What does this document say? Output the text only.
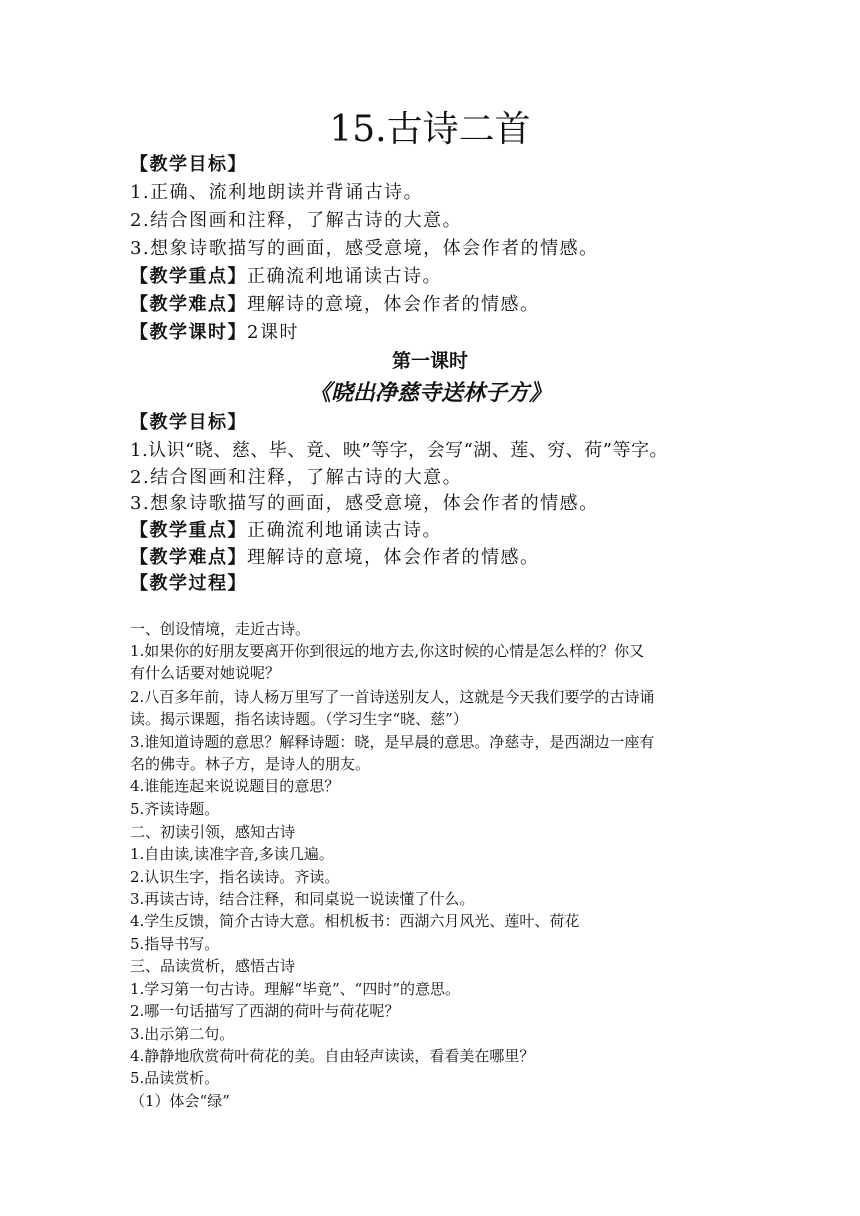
15.古诗二首
【教学目标】
1.正确、流利地朗读并背诵古诗。
2.结合图画和注释，了解古诗的大意。
3.想象诗歌描写的画面，感受意境，体会作者的情感。
【教学重点】正确流利地诵读古诗。
【教学难点】理解诗的意境，体会作者的情感。
【教学课时】2课时
第一课时
《晓出净慈寺送林子方》
【教学目标】
1.认识“晓、慈、毕、竟、映”等字，会写“湖、莲、穷、荷”等字。
2.结合图画和注释，了解古诗的大意。
3.想象诗歌描写的画面，感受意境，体会作者的情感。
【教学重点】正确流利地诵读古诗。
【教学难点】理解诗的意境，体会作者的情感。
【教学过程】
一、创设情境，走近古诗。
1.如果你的好朋友要离开你到很远的地方去,你这时候的心情是怎么样的？你又
有什么话要对她说呢？
2.八百多年前，诗人杨万里写了一首诗送别友人，这就是今天我们要学的古诗诵
读。揭示课题，指名读诗题。（学习生字“晓、慈”）
3.谁知道诗题的意思？解释诗题：晓，是早晨的意思。净慈寺，是西湖边一座有
名的佛寺。林子方，是诗人的朋友。
4.谁能连起来说说题目的意思？
5.齐读诗题。
二、初读引领，感知古诗
1.自由读,读准字音,多读几遍。
2.认识生字，指名读诗。齐读。
3.再读古诗，结合注释，和同桌说一说读懂了什么。
4.学生反馈，简介古诗大意。相机板书：西湖六月风光、莲叶、荷花
5.指导书写。
三、品读赏析，感悟古诗
1.学习第一句古诗。理解“毕竟”、“四时”的意思。
2.哪一句话描写了西湖的荷叶与荷花呢？
3.出示第二句。
4.静静地欣赏荷叶荷花的美。自由轻声读读，看看美在哪里？
5.品读赏析。
（1）体会“绿”
